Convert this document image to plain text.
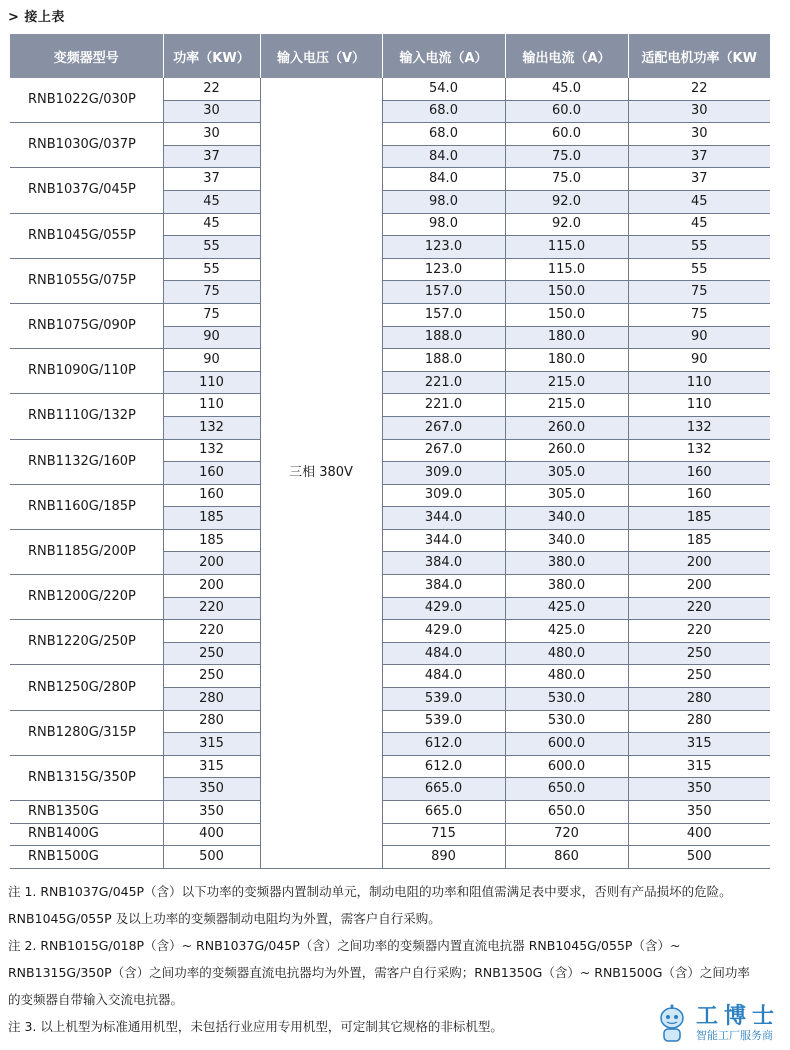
> 接上表
变频器型号	功率（KW）	输入电压（V）	输入电流（A）	输出电流（A）	适配电机功率（KW
RNB1022G/030P	22	三相 380V	54.0	45.0	22
	30		68.0	60.0	30
RNB1030G/037P	30		68.0	60.0	30
	37		84.0	75.0	37
RNB1037G/045P	37		84.0	75.0	37
	45		98.0	92.0	45
RNB1045G/055P	45		98.0	92.0	45
	55		123.0	115.0	55
RNB1055G/075P	55		123.0	115.0	55
	75		157.0	150.0	75
RNB1075G/090P	75		157.0	150.0	75
	90		188.0	180.0	90
RNB1090G/110P	90		188.0	180.0	90
	110		221.0	215.0	110
RNB1110G/132P	110		221.0	215.0	110
	132		267.0	260.0	132
RNB1132G/160P	132		267.0	260.0	132
	160		309.0	305.0	160
RNB1160G/185P	160		309.0	305.0	160
	185		344.0	340.0	185
RNB1185G/200P	185		344.0	340.0	185
	200		384.0	380.0	200
RNB1200G/220P	200		384.0	380.0	200
	220		429.0	425.0	220
RNB1220G/250P	220		429.0	425.0	220
	250		484.0	480.0	250
RNB1250G/280P	250		484.0	480.0	250
	280		539.0	530.0	280
RNB1280G/315P	280		539.0	530.0	280
	315		612.0	600.0	315
RNB1315G/350P	315		612.0	600.0	315
	350		665.0	650.0	350
RNB1350G	350		665.0	650.0	350
RNB1400G	400		715	720	400
RNB1500G	500		890	860	500

注 1. RNB1037G/045P（含）以下功率的变频器内置制动单元，制动电阻的功率和阻值需满足表中要求，否则有产品损坏的危险。

RNB1045G/055P 及以上功率的变频器制动电阻均为外置，需客户自行采购。

注 2. RNB1015G/018P（含）~ RNB1037G/045P（含）之间功率的变频器内置直流电抗器 RNB1045G/055P（含）~

RNB1315G/350P（含）之间功率的变频器直流电抗器均为外置，需客户自行采购；RNB1350G（含）~ RNB1500G（含）之间功率

的变频器自带输入交流电抗器。

注 3. 以上机型为标准通用机型，未包括行业应用专用机型，可定制其它规格的非标机型。	工博士
智能工厂服务商
